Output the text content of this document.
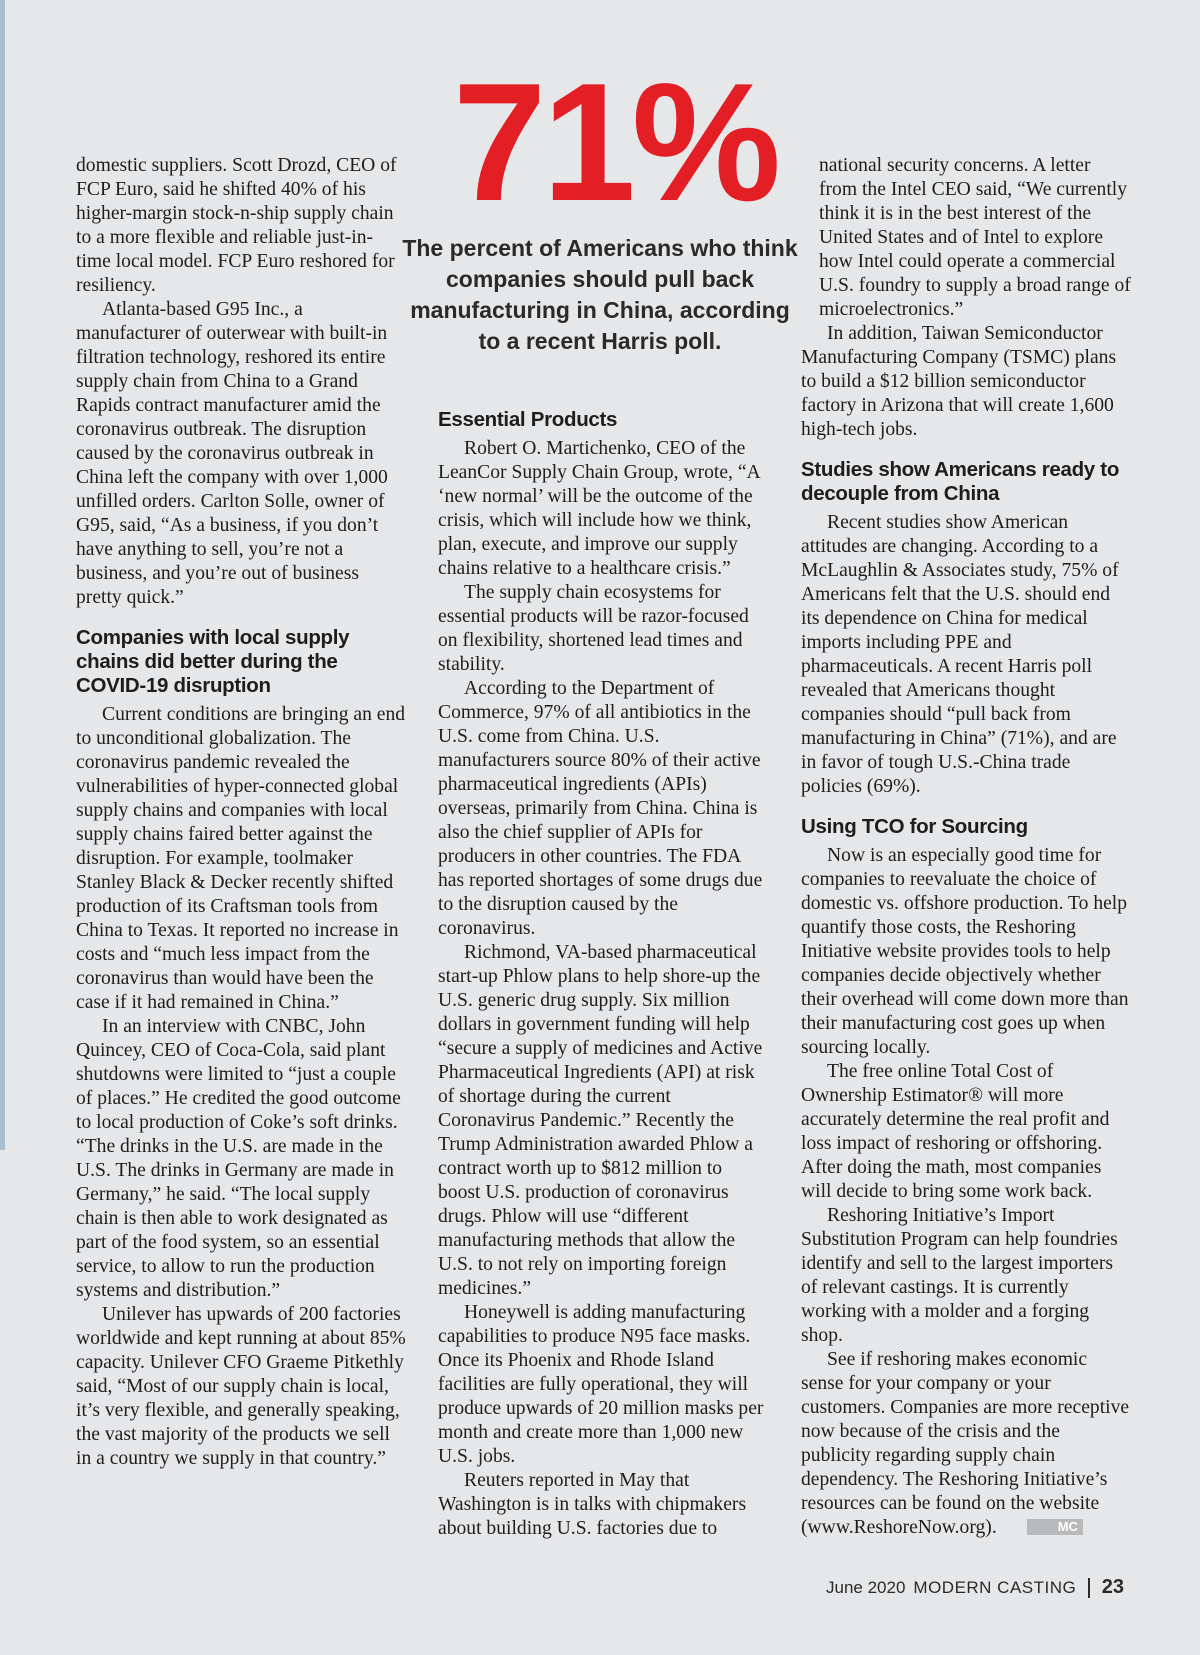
71%
The percent of Americans who think companies should pull back manufacturing in China, according to a recent Harris poll.

domestic suppliers. Scott Drozd, CEO of FCP Euro, said he shifted 40% of his higher-margin stock-n-ship supply chain to a more flexible and reliable just-in-time local model. FCP Euro reshored for resiliency.

Atlanta-based G95 Inc., a manufacturer of outerwear with built-in filtration technology, reshored its entire supply chain from China to a Grand Rapids contract manufacturer amid the coronavirus outbreak. The disruption caused by the coronavirus outbreak in China left the company with over 1,000 unfilled orders. Carlton Solle, owner of G95, said, “As a business, if you don’t have anything to sell, you’re not a business, and you’re out of business pretty quick.”

Companies with local supply chains did better during the COVID-19 disruption

Current conditions are bringing an end to unconditional globalization. The coronavirus pandemic revealed the vulnerabilities of hyper-connected global supply chains and companies with local supply chains faired better against the disruption. For example, toolmaker Stanley Black & Decker recently shifted production of its Craftsman tools from China to Texas. It reported no increase in costs and “much less impact from the coronavirus than would have been the case if it had remained in China.”

In an interview with CNBC, John Quincey, CEO of Coca-Cola, said plant shutdowns were limited to “just a couple of places.” He credited the good outcome to local production of Coke’s soft drinks. “The drinks in the U.S. are made in the U.S. The drinks in Germany are made in Germany,” he said. “The local supply chain is then able to work designated as part of the food system, so an essential service, to allow to run the production systems and distribution.”

Unilever has upwards of 200 factories worldwide and kept running at about 85% capacity. Unilever CFO Graeme Pitkethly said, “Most of our supply chain is local, it’s very flexible, and generally speaking, the vast majority of the products we sell in a country we supply in that country.”

Essential Products

Robert O. Martichenko, CEO of the LeanCor Supply Chain Group, wrote, “A ‘new normal’ will be the outcome of the crisis, which will include how we think, plan, execute, and improve our supply chains relative to a healthcare crisis.”

The supply chain ecosystems for essential products will be razor-focused on flexibility, shortened lead times and stability.

According to the Department of Commerce, 97% of all antibiotics in the U.S. come from China. U.S. manufacturers source 80% of their active pharmaceutical ingredients (APIs) overseas, primarily from China. China is also the chief supplier of APIs for producers in other countries. The FDA has reported shortages of some drugs due to the disruption caused by the coronavirus.

Richmond, VA-based pharmaceutical start-up Phlow plans to help shore-up the U.S. generic drug supply. Six million dollars in government funding will help “secure a supply of medicines and Active Pharmaceutical Ingredients (API) at risk of shortage during the current Coronavirus Pandemic.” Recently the Trump Administration awarded Phlow a contract worth up to $812 million to boost U.S. production of coronavirus drugs. Phlow will use “different manufacturing methods that allow the U.S. to not rely on importing foreign medicines.”

Honeywell is adding manufacturing capabilities to produce N95 face masks. Once its Phoenix and Rhode Island facilities are fully operational, they will produce upwards of 20 million masks per month and create more than 1,000 new U.S. jobs.

Reuters reported in May that Washington is in talks with chipmakers about building U.S. factories due to

national security concerns. A letter from the Intel CEO said, “We currently think it is in the best interest of the United States and of Intel to explore how Intel could operate a commercial U.S. foundry to supply a broad range of microelectronics.”

In addition, Taiwan Semiconductor Manufacturing Company (TSMC) plans to build a $12 billion semiconductor factory in Arizona that will create 1,600 high-tech jobs.

Studies show Americans ready to decouple from China

Recent studies show American attitudes are changing. According to a McLaughlin & Associates study, 75% of Americans felt that the U.S. should end its dependence on China for medical imports including PPE and pharmaceuticals. A recent Harris poll revealed that Americans thought companies should “pull back from manufacturing in China” (71%), and are in favor of tough U.S.-China trade policies (69%).

Using TCO for Sourcing

Now is an especially good time for companies to reevaluate the choice of domestic vs. offshore production. To help quantify those costs, the Reshoring Initiative website provides tools to help companies decide objectively whether their overhead will come down more than their manufacturing cost goes up when sourcing locally.

The free online Total Cost of Ownership Estimator® will more accurately determine the real profit and loss impact of reshoring or offshoring. After doing the math, most companies will decide to bring some work back.

Reshoring Initiative’s Import Substitution Program can help foundries identify and sell to the largest importers of relevant castings. It is currently working with a molder and a forging shop.

See if reshoring makes economic sense for your company or your customers. Companies are more receptive now because of the crisis and the publicity regarding supply chain dependency. The Reshoring Initiative’s resources can be found on the website (www.ReshoreNow.org).	MC

June 2020 MODERN CASTING 23
